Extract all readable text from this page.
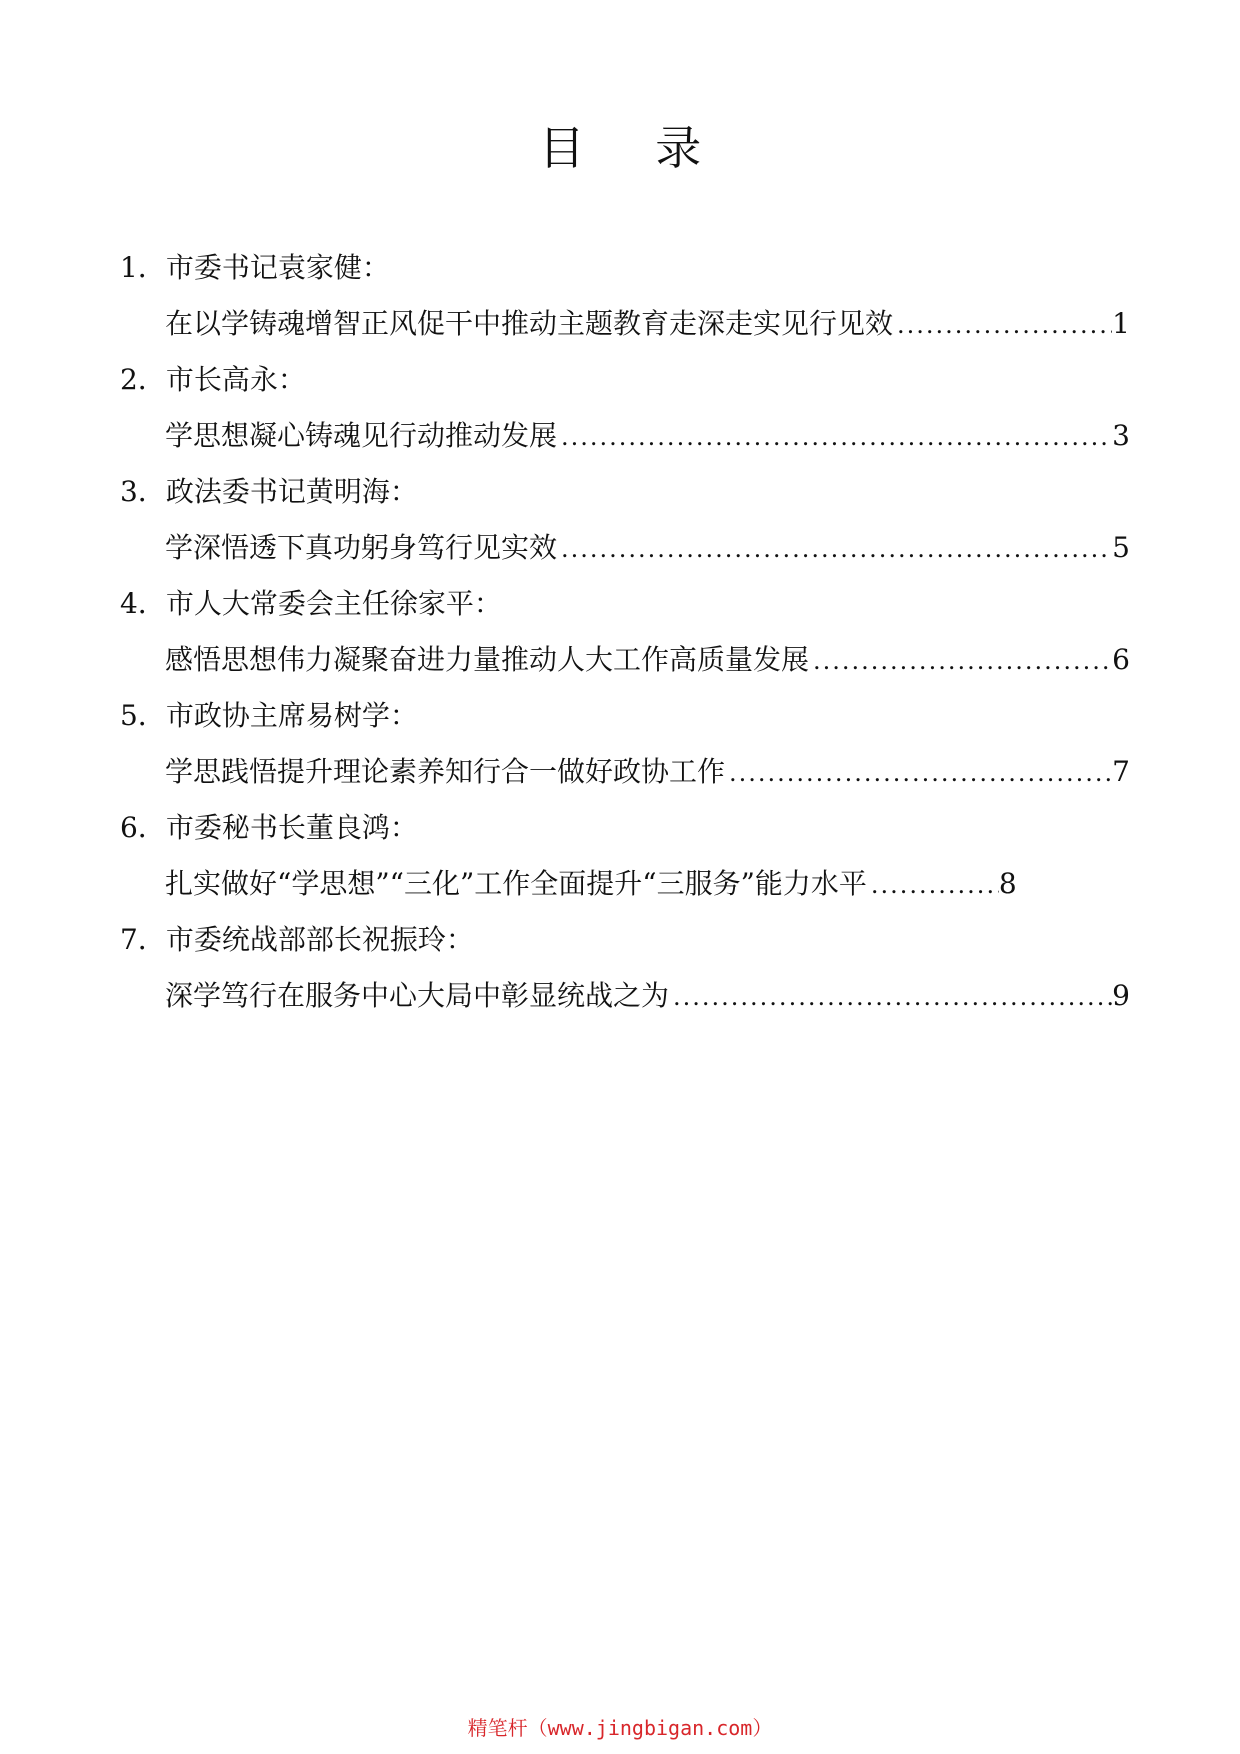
目 录
1．市委书记袁家健：
在以学铸魂增智正风促干中推动主题教育走深走实见行见效 .....	1
2．市长高永：
学思想凝心铸魂见行动推动发展 .....	3
3．政法委书记黄明海：
学深悟透下真功躬身笃行见实效 .....	5
4．市人大常委会主任徐家平：
感悟思想伟力凝聚奋进力量推动人大工作高质量发展 .....	6
5．市政协主席易树学：
学思践悟提升理论素养知行合一做好政协工作 .....	7
6．市委秘书长董良鸿：
扎实做好“学思想”“三化”工作全面提升“三服务”能力水平 .....	8
7．市委统战部部长祝振玲：
深学笃行在服务中心大局中彰显统战之为 .....	9
精笔杆（www.jingbigan.com）
